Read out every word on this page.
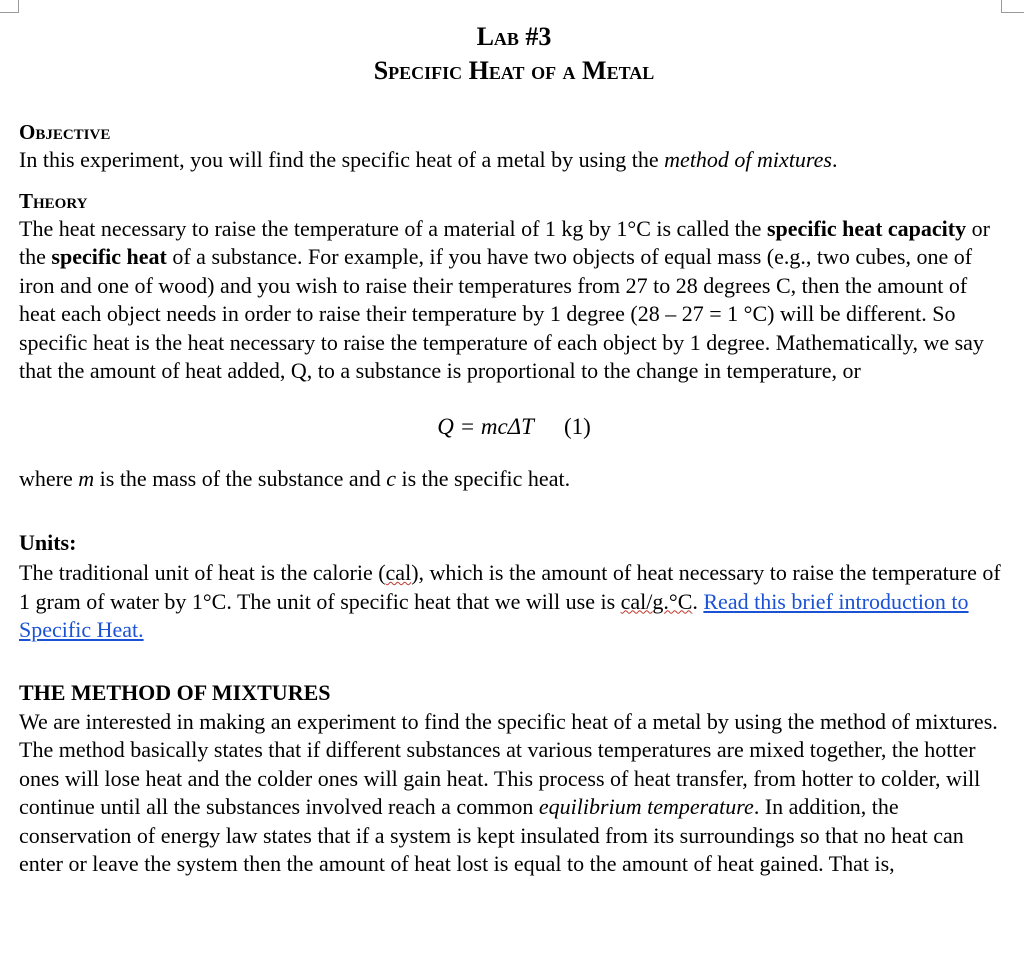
Lab #3
Specific Heat of a Metal
Objective

In this experiment, you will find the specific heat of a metal by using the method of mixtures.

Theory

The heat necessary to raise the temperature of a material of 1 kg by 1°C is called the specific heat capacity or the specific heat of a substance. For example, if you have two objects of equal mass (e.g., two cubes, one of iron and one of wood) and you wish to raise their temperatures from 27 to 28 degrees C, then the amount of heat each object needs in order to raise their temperature by 1 degree (28 – 27 = 1 °C) will be different. So specific heat is the heat necessary to raise the temperature of each object by 1 degree. Mathematically, we say that the amount of heat added, Q, to a substance is proportional to the change in temperature, or

Q = mcΔT (1)

where m is the mass of the substance and c is the specific heat.

Units:

The traditional unit of heat is the calorie (cal), which is the amount of heat necessary to raise the temperature of 1 gram of water by 1°C. The unit of specific heat that we will use is cal/g.°C. Read this brief introduction to Specific Heat.

THE METHOD OF MIXTURES

We are interested in making an experiment to find the specific heat of a metal by using the method of mixtures. The method basically states that if different substances at various temperatures are mixed together, the hotter ones will lose heat and the colder ones will gain heat. This process of heat transfer, from hotter to colder, will continue until all the substances involved reach a common equilibrium temperature. In addition, the conservation of energy law states that if a system is kept insulated from its surroundings so that no heat can enter or leave the system then the amount of heat lost is equal to the amount of heat gained. That is,
